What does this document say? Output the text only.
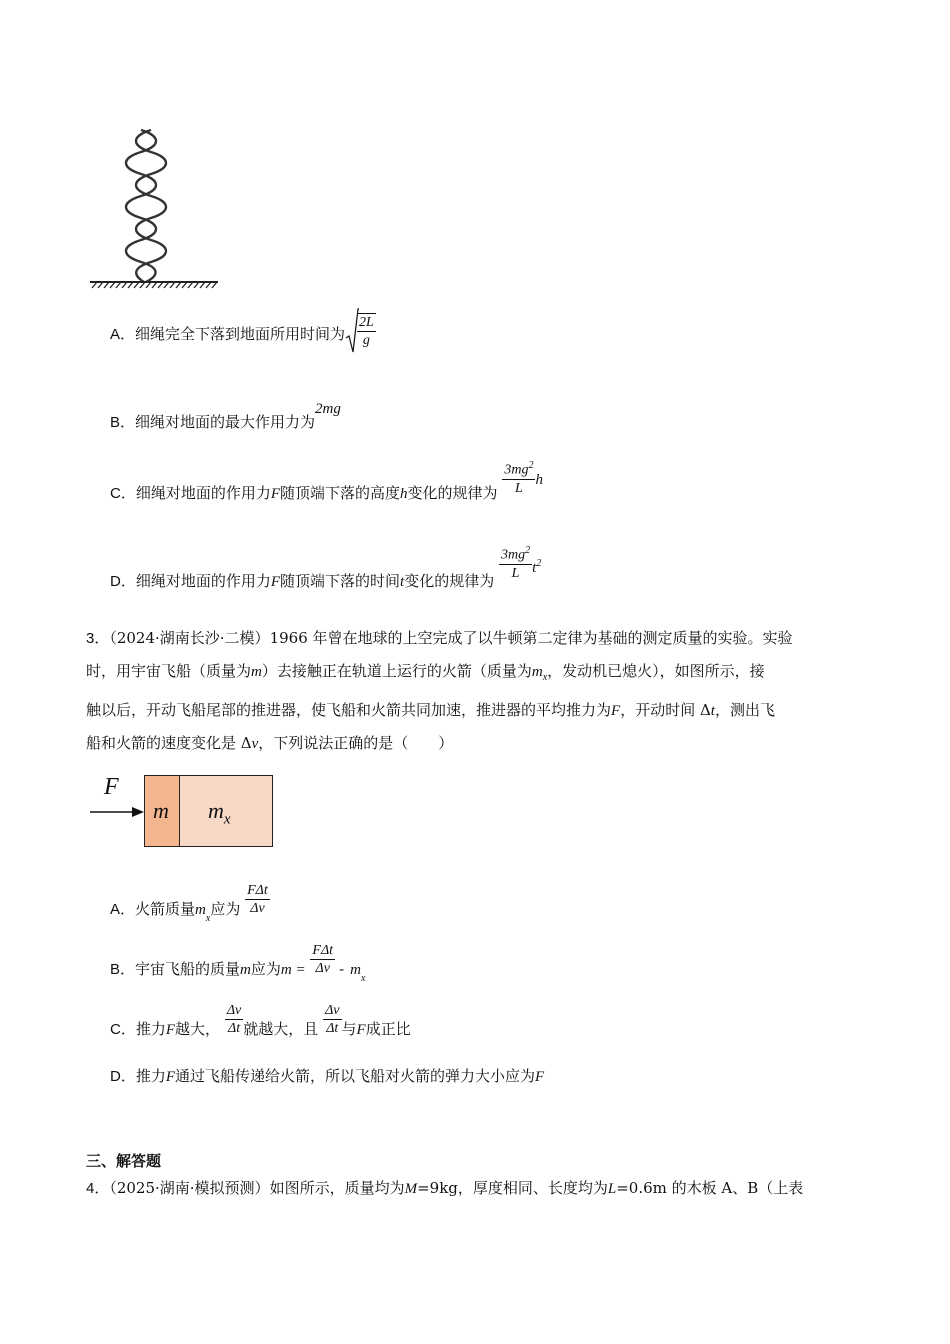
A．细绳完全下落到地面所用时间为 $\frac{2L}{g}$
B．细绳对地面的最大作用力为2mg
C．细绳对地面的作用力F随顶端下落的高度h变化的规律为 $\frac{3mg^2}{L}$ h
D．细绳对地面的作用力F随顶端下落的时间t变化的规律为 $\frac{3mg^2}{L} t^2$
3．（2024·湖南长沙·二模）1966 年曾在地球的上空完成了以牛顿第二定律为基础的测定质量的实验。实验
时，用宇宙飞船（质量为m）去接触正在轨道上运行的火箭（质量为$m_x$，发动机已熄火），如图所示，接
触以后，开动飞船尾部的推进器，使飞船和火箭共同加速，推进器的平均推力为F，开动时间 Δt，测出飞
船和火箭的速度变化是 Δv，下列说法正确的是（　　）
F
m $m_x$
A．火箭质量$m_x$应为 $\frac{\text{FΔt}}{\Delta v}$
B．宇宙飞船的质量m应为$m = \frac{\text{FΔt}}{\Delta v} - m_x$
C．推力F越大， $\frac{\Delta v}{\Delta t}$ 就越大，且 $\frac{\Delta v}{\Delta t}$ 与F成正比
D．推力F通过飞船传递给火箭，所以飞船对火箭的弹力大小应为F
三、解答题
4．（2025·湖南·模拟预测）如图所示，质量均为M=9kg，厚度相同、长度均为L=0.6m 的木板 A、B（上表
